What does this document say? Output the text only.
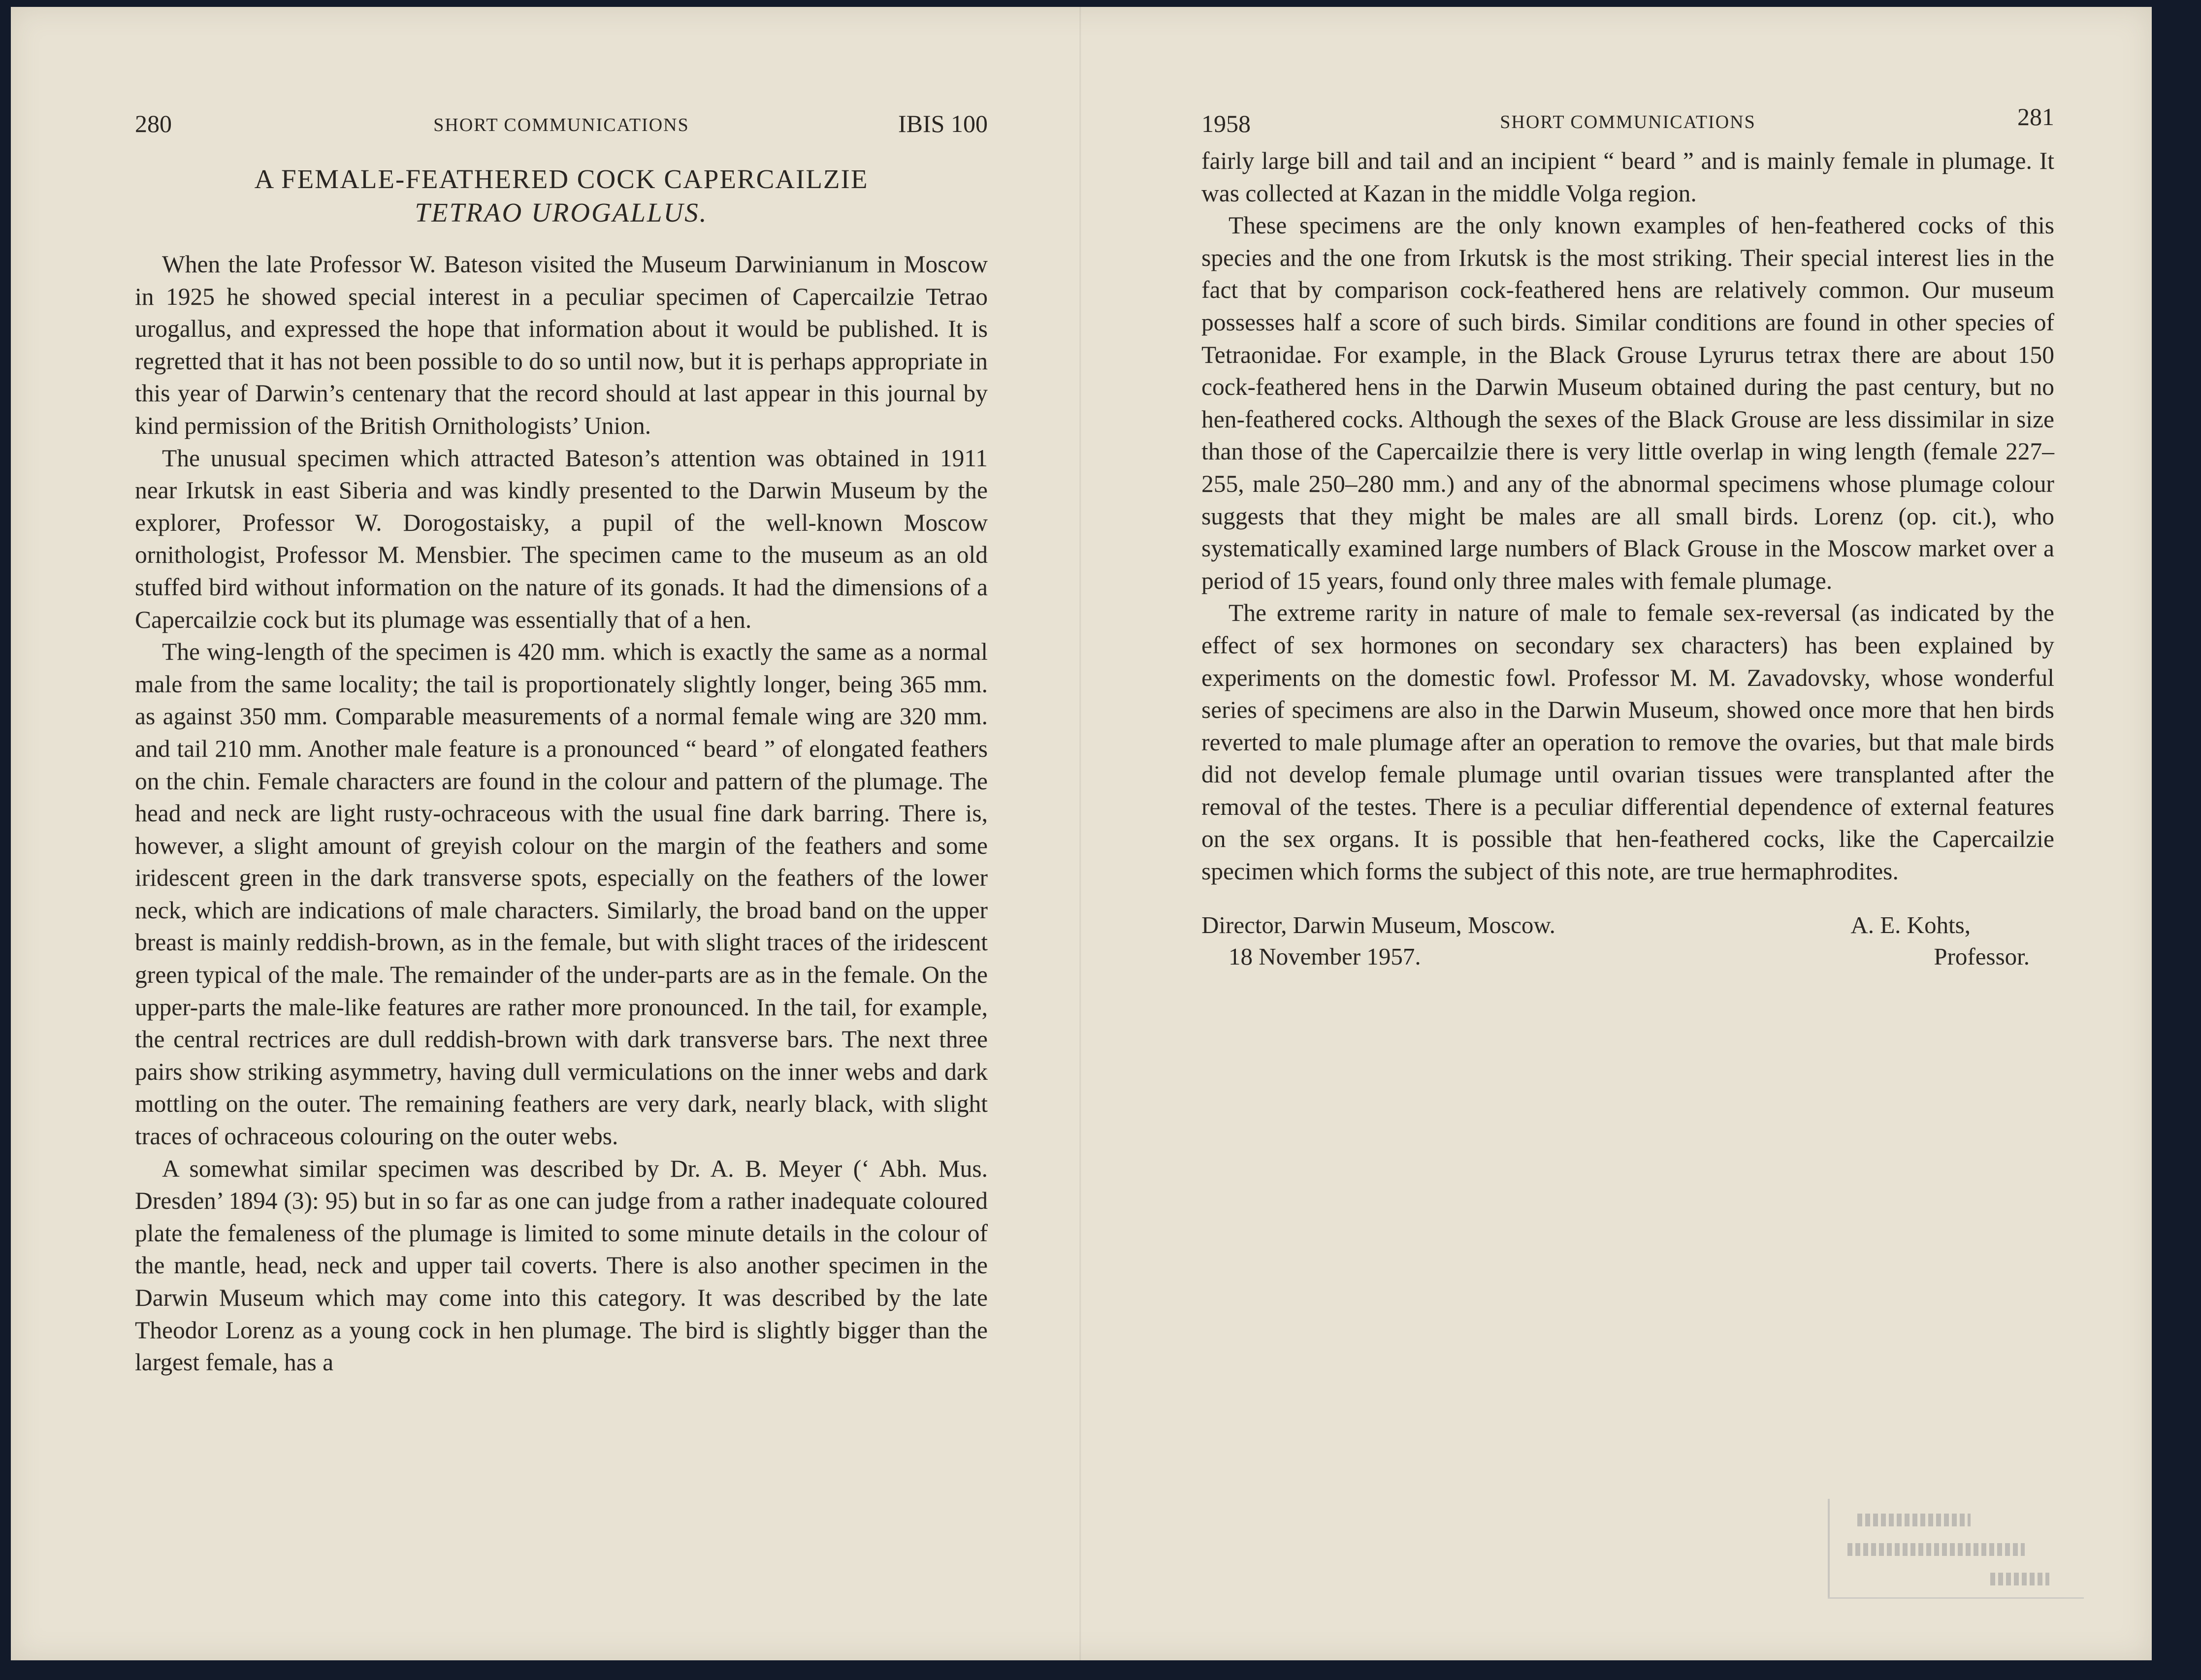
280	SHORT COMMUNICATIONS	IBIS 100
A FEMALE-FEATHERED COCK CAPERCAILZIE
TETRAO UROGALLUS.

When the late Professor W. Bateson visited the Museum Darwinianum in Moscow in 1925 he showed special interest in a peculiar specimen of Capercailzie Tetrao urogallus, and expressed the hope that information about it would be published. It is regretted that it has not been possible to do so until now, but it is perhaps appropriate in this year of Darwin’s centenary that the record should at last appear in this journal by kind permission of the British Ornithologists’ Union.

The unusual specimen which attracted Bateson’s attention was obtained in 1911 near Irkutsk in east Siberia and was kindly presented to the Darwin Museum by the explorer, Professor W. Dorogostaisky, a pupil of the well-known Moscow ornithologist, Professor M. Mensbier. The specimen came to the museum as an old stuffed bird without information on the nature of its gonads. It had the dimensions of a Capercailzie cock but its plumage was essentially that of a hen.

The wing-length of the specimen is 420 mm. which is exactly the same as a normal male from the same locality; the tail is proportionately slightly longer, being 365 mm. as against 350 mm. Comparable measurements of a normal female wing are 320 mm. and tail 210 mm. Another male feature is a pronounced “ beard ” of elongated feathers on the chin. Female characters are found in the colour and pattern of the plumage. The head and neck are light rusty-ochraceous with the usual fine dark barring. There is, however, a slight amount of greyish colour on the margin of the feathers and some iridescent green in the dark transverse spots, especially on the feathers of the lower neck, which are indications of male characters. Similarly, the broad band on the upper breast is mainly reddish-brown, as in the female, but with slight traces of the iridescent green typical of the male. The remainder of the under-parts are as in the female. On the upper-parts the male-like features are rather more pronounced. In the tail, for example, the central rectrices are dull reddish-brown with dark transverse bars. The next three pairs show striking asymmetry, having dull vermiculations on the inner webs and dark mottling on the outer. The remaining feathers are very dark, nearly black, with slight traces of ochraceous colouring on the outer webs.

A somewhat similar specimen was described by Dr. A. B. Meyer (‘ Abh. Mus. Dresden’ 1894 (3): 95) but in so far as one can judge from a rather inadequate coloured plate the femaleness of the plumage is limited to some minute details in the colour of the mantle, head, neck and upper tail coverts. There is also another specimen in the Darwin Museum which may come into this category. It was described by the late Theodor Lorenz as a young cock in hen plumage. The bird is slightly bigger than the largest female, has a

1958	SHORT COMMUNICATIONS	281

fairly large bill and tail and an incipient “ beard ” and is mainly female in plumage. It was collected at Kazan in the middle Volga region.

These specimens are the only known examples of hen-feathered cocks of this species and the one from Irkutsk is the most striking. Their special interest lies in the fact that by comparison cock-feathered hens are relatively common. Our museum possesses half a score of such birds. Similar conditions are found in other species of Tetraonidae. For example, in the Black Grouse Lyrurus tetrax there are about 150 cock-feathered hens in the Darwin Museum obtained during the past century, but no hen-feathered cocks. Although the sexes of the Black Grouse are less dissimilar in size than those of the Capercailzie there is very little overlap in wing length (female 227–255, male 250–280 mm.) and any of the abnormal specimens whose plumage colour suggests that they might be males are all small birds. Lorenz (op. cit.), who systematically examined large numbers of Black Grouse in the Moscow market over a period of 15 years, found only three males with female plumage.

The extreme rarity in nature of male to female sex-reversal (as indicated by the effect of sex hormones on secondary sex characters) has been explained by experiments on the domestic fowl. Professor M. M. Zavadovsky, whose wonderful series of specimens are also in the Darwin Museum, showed once more that hen birds reverted to male plumage after an operation to remove the ovaries, but that male birds did not develop female plumage until ovarian tissues were transplanted after the removal of the testes. There is a peculiar differential dependence of external features on the sex organs. It is possible that hen-feathered cocks, like the Capercailzie specimen which forms the subject of this note, are true hermaphrodites.

Director, Darwin Museum, Moscow.
18 November 1957.
A. E. Kohts,
Professor.
